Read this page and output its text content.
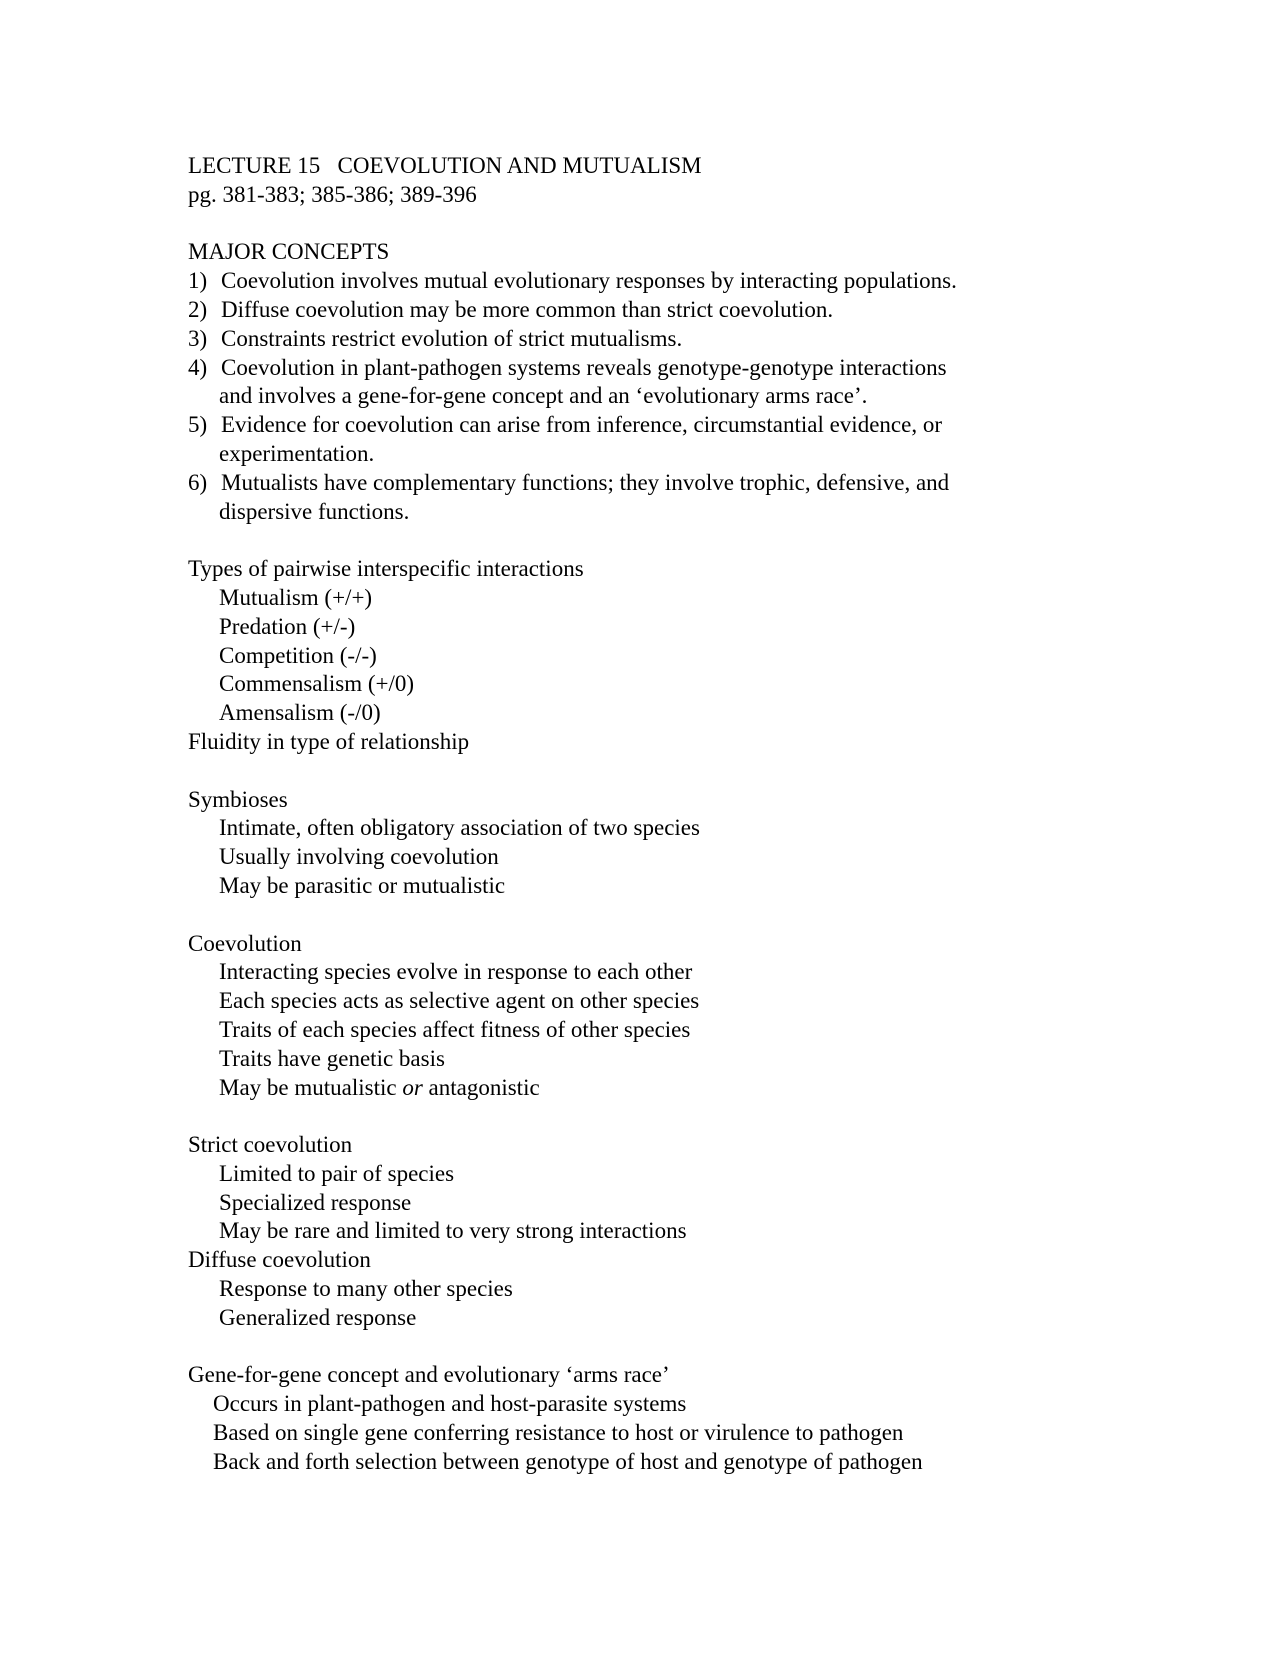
LECTURE 15   COEVOLUTION AND MUTUALISM
pg. 381-383; 385-386; 389-396
MAJOR CONCEPTS
1) Coevolution involves mutual evolutionary responses by interacting populations.
2) Diffuse coevolution may be more common than strict coevolution.
3) Constraints restrict evolution of strict mutualisms.
4) Coevolution in plant-pathogen systems reveals genotype-genotype interactions
and involves a gene-for-gene concept and an ‘evolutionary arms race’.
5) Evidence for coevolution can arise from inference, circumstantial evidence, or
experimentation.
6) Mutualists have complementary functions; they involve trophic, defensive, and
dispersive functions.
Types of pairwise interspecific interactions
Mutualism (+/+)
Predation (+/-)
Competition (-/-)
Commensalism (+/0)
Amensalism (-/0)
Fluidity in type of relationship
Symbioses
Intimate, often obligatory association of two species
Usually involving coevolution
May be parasitic or mutualistic
Coevolution
Interacting species evolve in response to each other
Each species acts as selective agent on other species
Traits of each species affect fitness of other species
Traits have genetic basis
May be mutualistic or antagonistic
Strict coevolution
Limited to pair of species
Specialized response
May be rare and limited to very strong interactions
Diffuse coevolution
Response to many other species
Generalized response
Gene-for-gene concept and evolutionary ‘arms race’
Occurs in plant-pathogen and host-parasite systems
Based on single gene conferring resistance to host or virulence to pathogen
Back and forth selection between genotype of host and genotype of pathogen
